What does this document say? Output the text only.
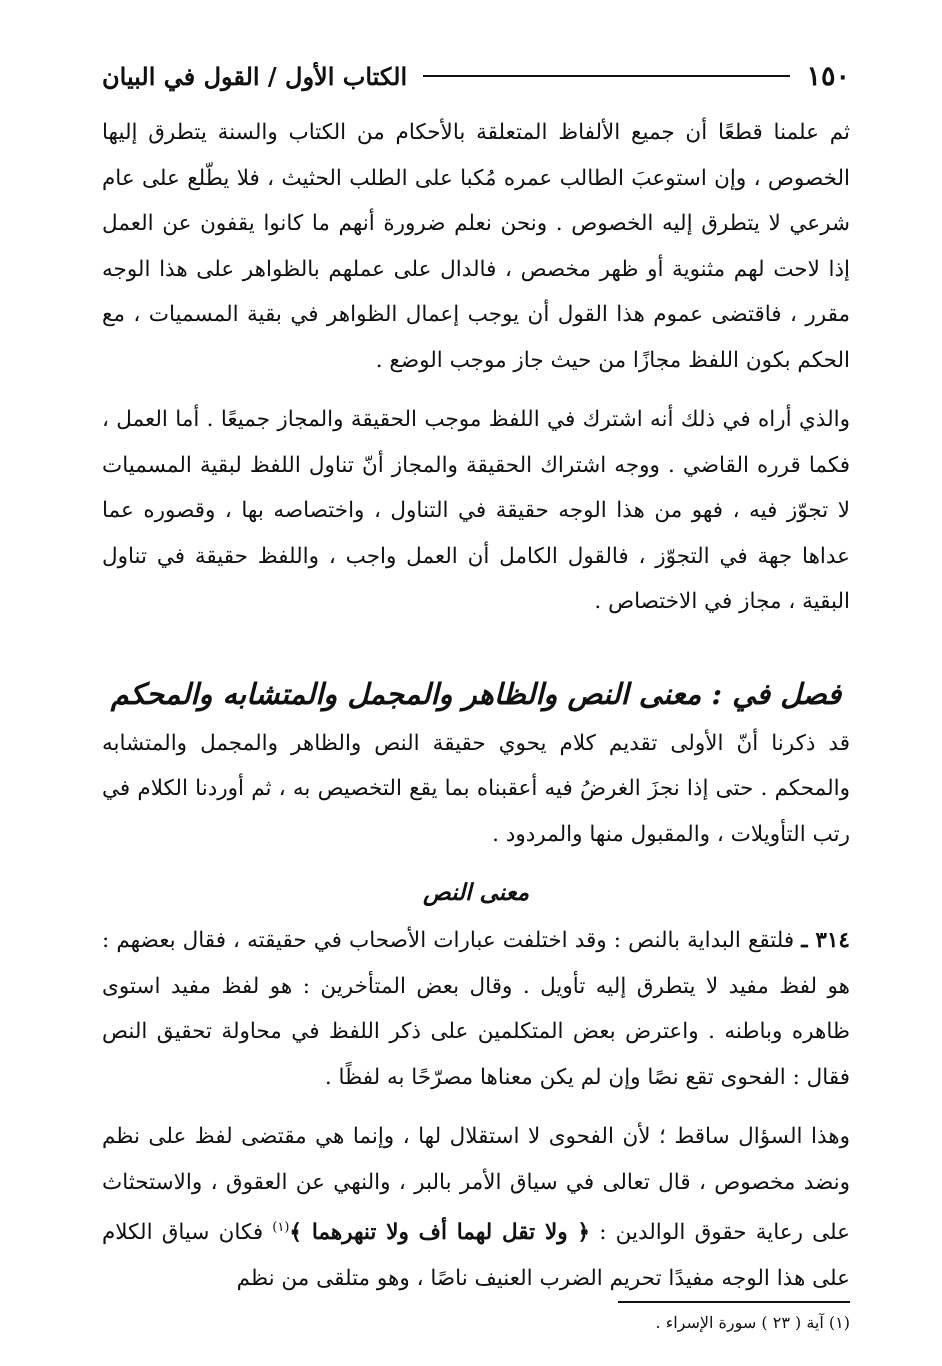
١٥٠
الكتاب الأول / القول في البيان

ثم علمنا قطعًا أن جميع الألفاظ المتعلقة بالأحكام من الكتاب والسنة يتطرق إليها الخصوص ، وإن استوعبَ الطالب عمره مُكبا على الطلب الحثيث ، فلا يطّلع على عام شرعي لا يتطرق إليه الخصوص . ونحن نعلم ضرورة أنهم ما كانوا يقفون عن العمل إذا لاحت لهم مثنوية أو ظهر مخصص ، فالدال على عملهم بالظواهر على هذا الوجه مقرر ، فاقتضى عموم هذا القول أن يوجب إعمال الظواهر في بقية المسميات ، مع الحكم بكون اللفظ مجازًا من حيث جاز موجب الوضع .

والذي أراه في ذلك أنه اشترك في اللفظ موجب الحقيقة والمجاز جميعًا . أما العمل ، فكما قرره القاضي . ووجه اشتراك الحقيقة والمجاز أنّ تناول اللفظ لبقية المسميات لا تجوّز فيه ، فهو من هذا الوجه حقيقة في التناول ، واختصاصه بها ، وقصوره عما عداها جهة في التجوّز ، فالقول الكامل أن العمل واجب ، واللفظ حقيقة في تناول البقية ، مجاز في الاختصاص .

فصل في : معنى النص والظاهر والمجمل والمتشابه والمحكم

قد ذكرنا أنّ الأولى تقديم كلام يحوي حقيقة النص والظاهر والمجمل والمتشابه والمحكم . حتى إذا نجزَ الغرضُ فيه أعقبناه بما يقع التخصيص به ، ثم أوردنا الكلام في رتب التأويلات ، والمقبول منها والمردود .

معنى النص

٣١٤ ـ فلتقع البداية بالنص : وقد اختلفت عبارات الأصحاب في حقيقته ، فقال بعضهم : هو لفظ مفيد لا يتطرق إليه تأويل . وقال بعض المتأخرين : هو لفظ مفيد استوى ظاهره وباطنه . واعترض بعض المتكلمين على ذكر اللفظ في محاولة تحقيق النص فقال : الفحوى تقع نصًا وإن لم يكن معناها مصرّحًا به لفظًا .

وهذا السؤال ساقط ؛ لأن الفحوى لا استقلال لها ، وإنما هي مقتضى لفظ على نظم ونضد مخصوص ، قال تعالى في سياق الأمر بالبر ، والنهي عن العقوق ، والاستحثاث على رعاية حقوق الوالدين : ﴿ ولا تقل لهما أف ولا تنهرهما ﴾$^{(١)}$ فكان سياق الكلام على هذا الوجه مفيدًا تحريم الضرب العنيف ناصًا ، وهو متلقى من نظم

(١) آية ( ٢٣ ) سورة الإسراء .
